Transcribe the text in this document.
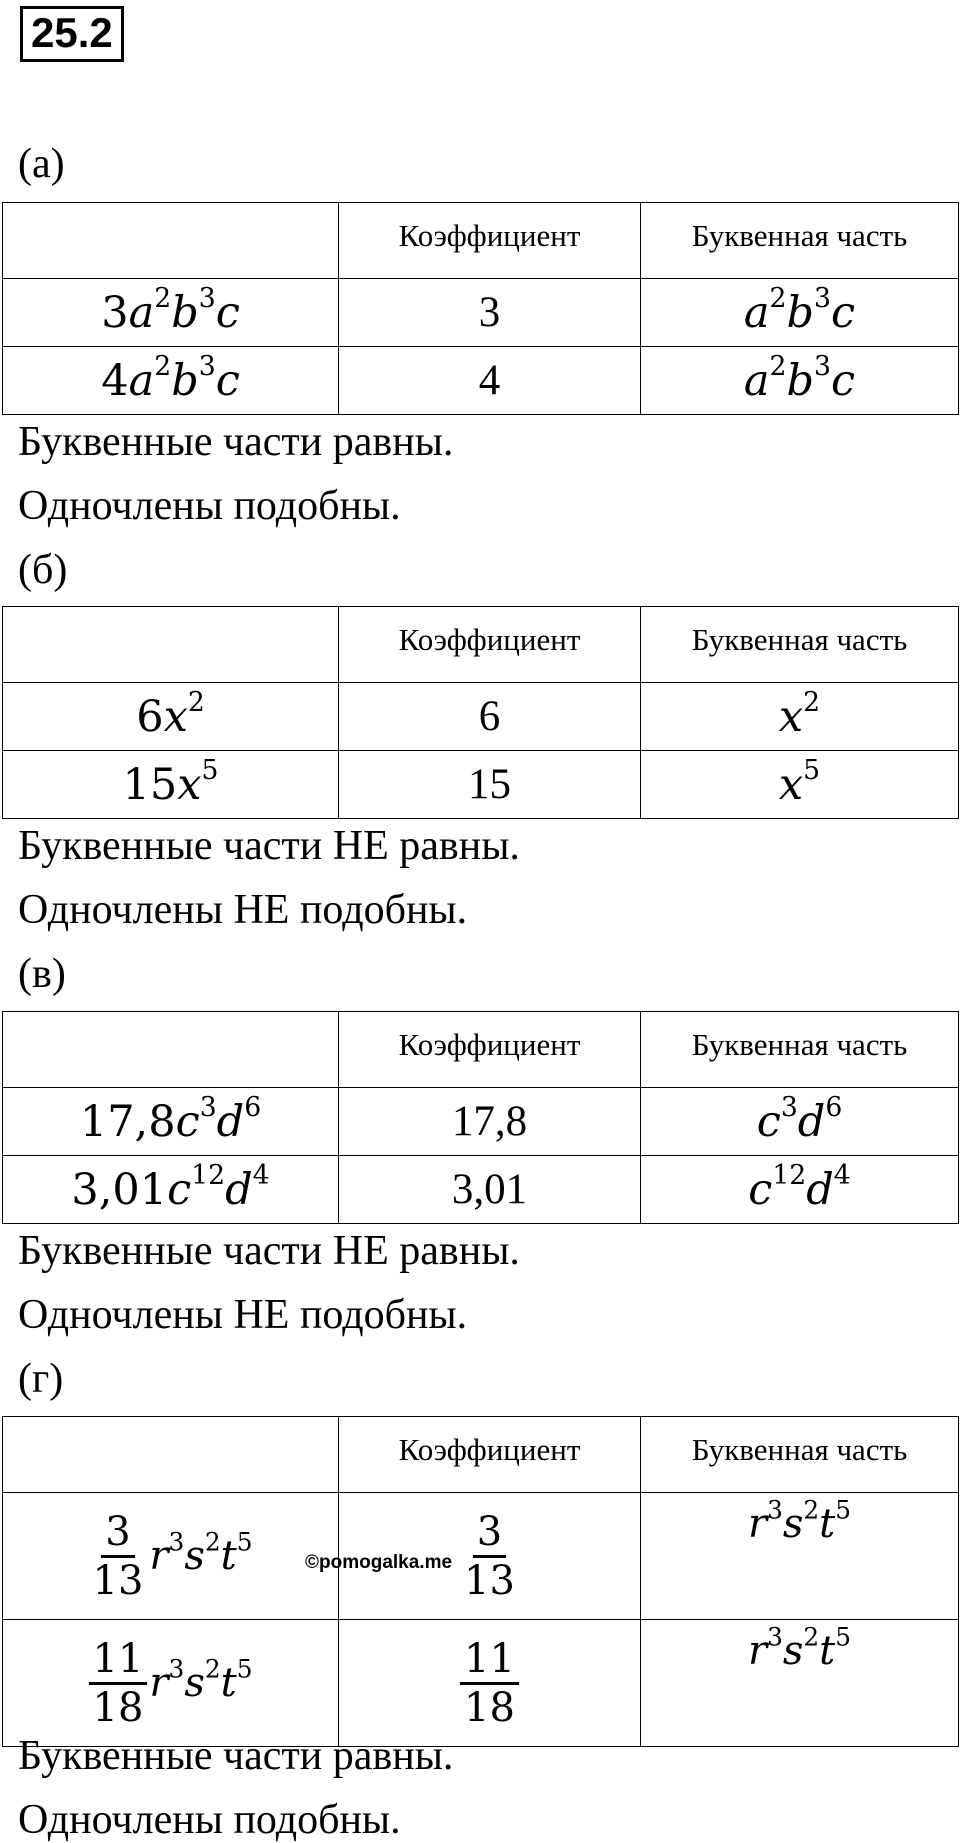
25.2
(а)
	Коэффициент	Буквенная часть
$3a^2b^3c$	3	$a^2b^3c$
$4a^2b^3c$	4	$a^2b^3c$
Буквенные части равны.
Одночлены подобны.
(б)
	Коэффициент	Буквенная часть
$6x^2$	6	$x^2$
$15x^5$	15	$x^5$
Буквенные части НЕ равны.
Одночлены НЕ подобны.
(в)
	Коэффициент	Буквенная часть
$17,8c^3d^6$	17,8	$c^3d^6$
$3,01c^{12}d^4$	3,01	$c^{12}d^4$
Буквенные части НЕ равны.
Одночлены НЕ подобны.
(г)
	Коэффициент	Буквенная часть

$\frac{3}{13} r^3s^2t^5$	$\frac{3}{13}$	$r^3s^2t^5$

$\frac{11}{18} r^3s^2t^5$	$\frac{11}{18}$	$r^3s^2t^5$
Буквенные части равны.
Одночлены подобны.
©pomogalka.me
